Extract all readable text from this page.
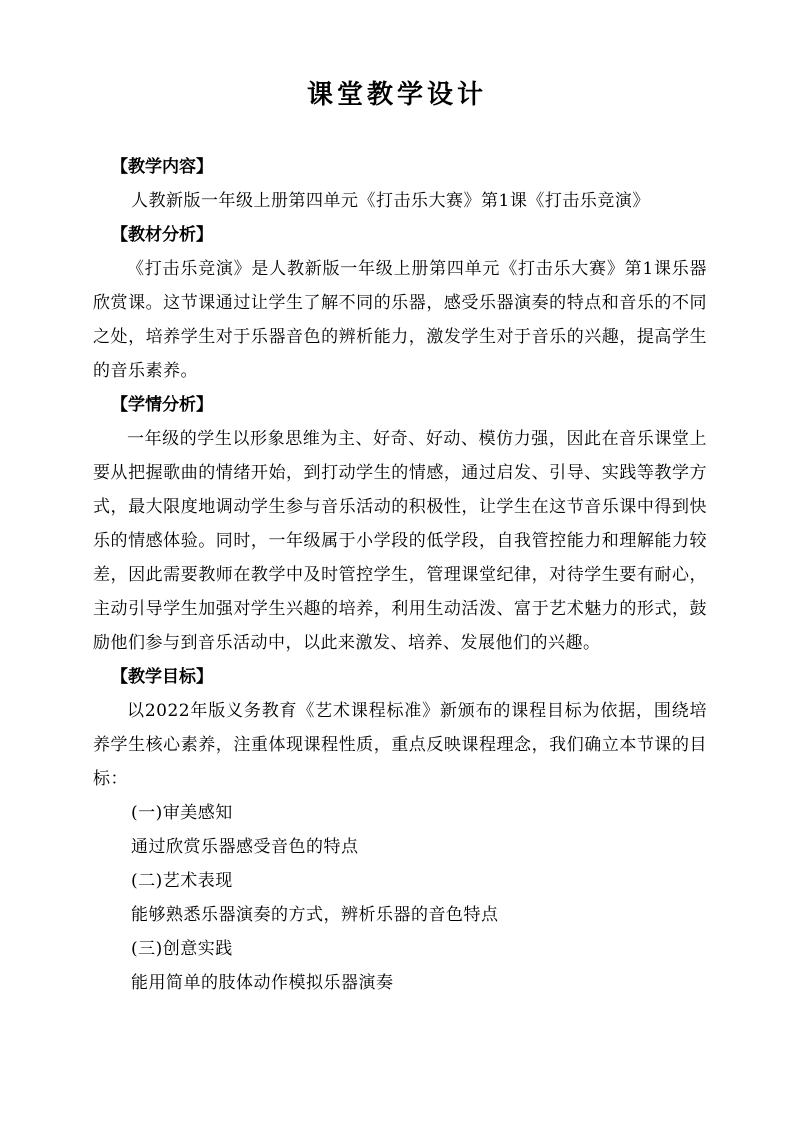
课堂教学设计

【教学内容】

人教新版一年级上册第四单元《打击乐大赛》第1课《打击乐竞演》

【教材分析】

《打击乐竞演》是人教新版一年级上册第四单元《打击乐大赛》第1课乐器欣赏课。这节课通过让学生了解不同的乐器，感受乐器演奏的特点和音乐的不同之处，培养学生对于乐器音色的辨析能力，激发学生对于音乐的兴趣，提高学生的音乐素养。

【学情分析】

一年级的学生以形象思维为主、好奇、好动、模仿力强，因此在音乐课堂上要从把握歌曲的情绪开始，到打动学生的情感，通过启发、引导、实践等教学方式，最大限度地调动学生参与音乐活动的积极性，让学生在这节音乐课中得到快乐的情感体验。同时，一年级属于小学段的低学段，自我管控能力和理解能力较差，因此需要教师在教学中及时管控学生，管理课堂纪律，对待学生要有耐心，主动引导学生加强对学生兴趣的培养，利用生动活泼、富于艺术魅力的形式，鼓励他们参与到音乐活动中，以此来激发、培养、发展他们的兴趣。

【教学目标】

以2022年版义务教育《艺术课程标准》新颁布的课程目标为依据，围绕培养学生核心素养，注重体现课程性质，重点反映课程理念，我们确立本节课的目标：

(一)审美感知

通过欣赏乐器感受音色的特点

(二)艺术表现

能够熟悉乐器演奏的方式，辨析乐器的音色特点

(三)创意实践

能用简单的肢体动作模拟乐器演奏
